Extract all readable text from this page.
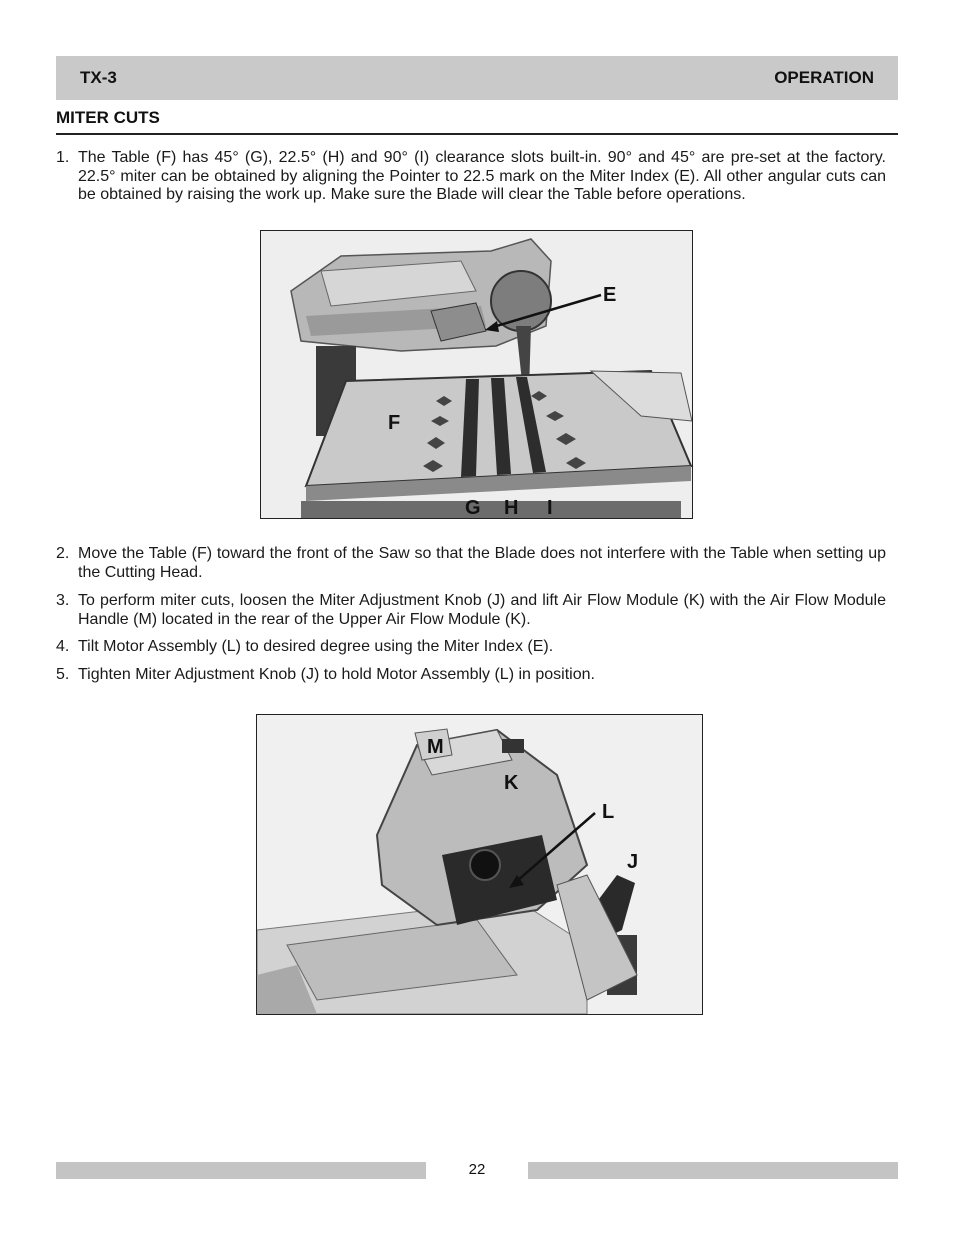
TX-3	OPERATION
MITER CUTS
1. The Table (F) has 45° (G), 22.5° (H) and 90° (I) clearance slots built-in. 90° and 45° are pre-set at the factory. 22.5° miter can be obtained by aligning the Pointer to 22.5 mark on the Miter Index (E). All other angular cuts can be obtained by raising the work up. Make sure the Blade will clear the Table before operations.
E
F
G H I
2. Move the Table (F) toward the front of the Saw so that the Blade does not interfere with the Table when setting up the Cutting Head.
3. To perform miter cuts, loosen the Miter Adjustment Knob (J) and lift Air Flow Module (K) with the Air Flow Module Handle (M) located in the rear of the Upper Air Flow Module (K).
4. Tilt Motor Assembly (L) to desired degree using the Miter Index (E).
5. Tighten Miter Adjustment Knob (J) to hold Motor Assembly (L) in position.
M
K
L
J
22
